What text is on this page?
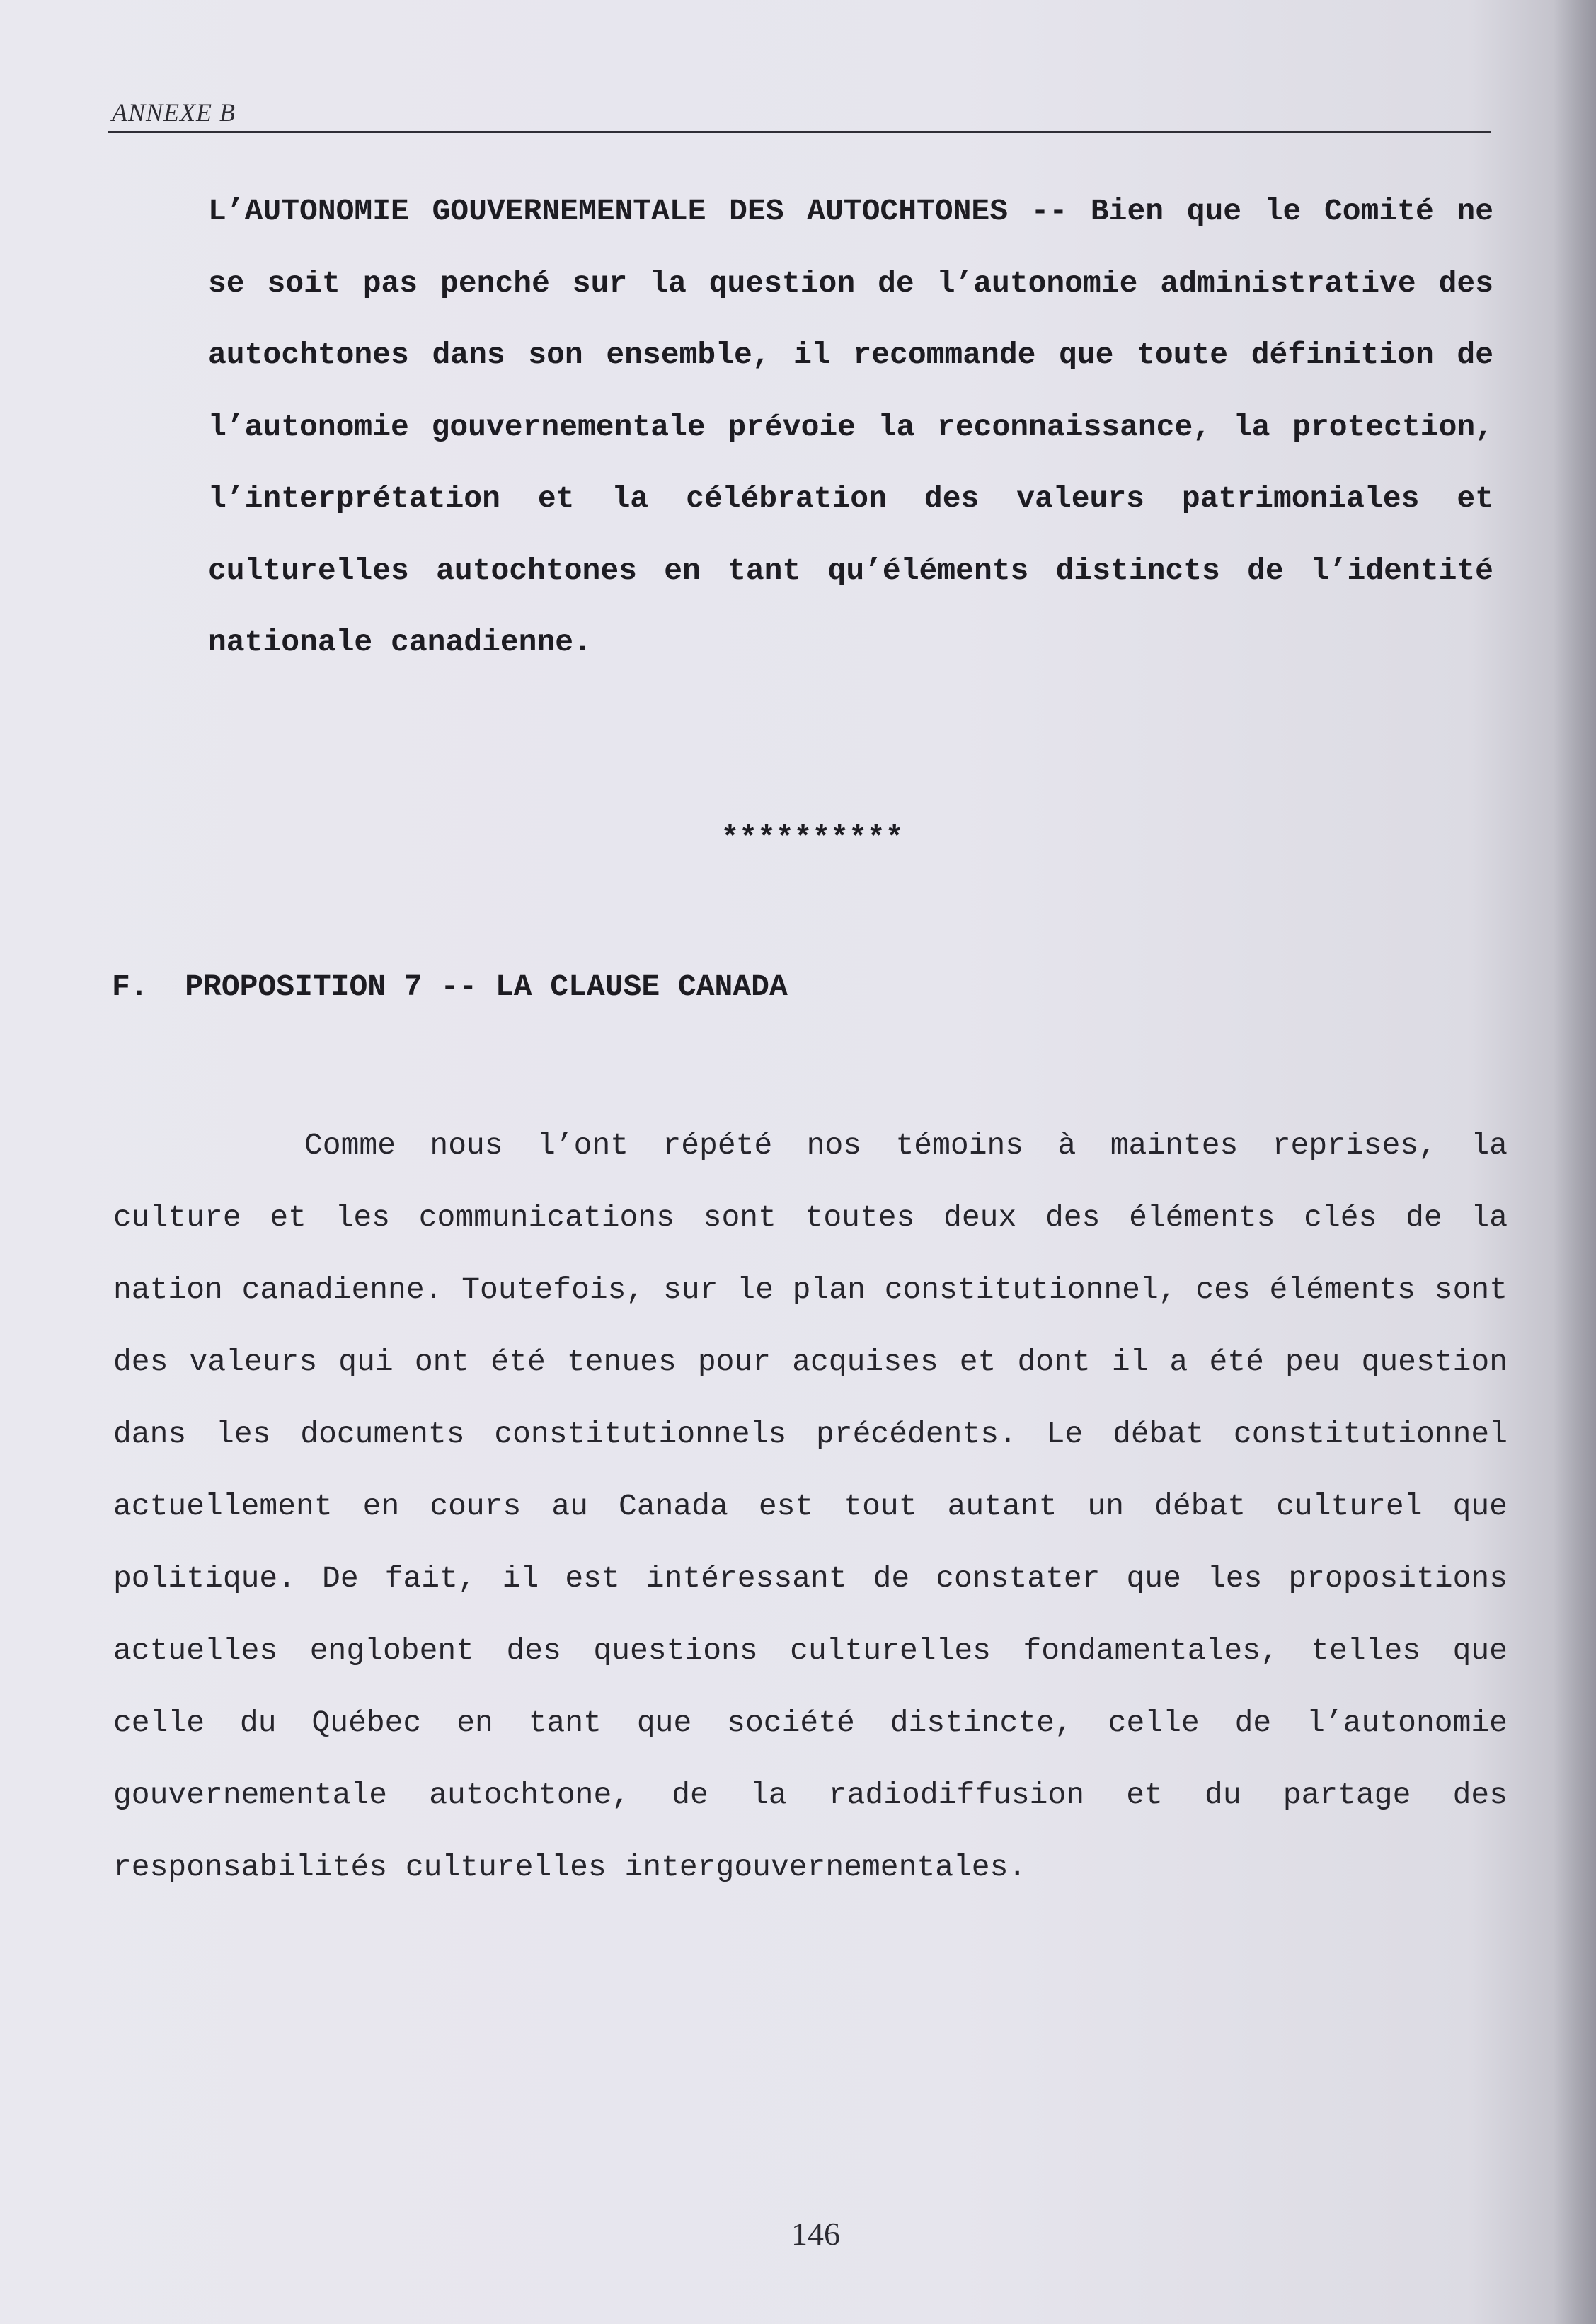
ANNEXE B

L’AUTONOMIE GOUVERNEMENTALE DES AUTOCHTONES -- Bien que le Comité ne se soit pas penché sur la question de l’autonomie administrative des autochtones dans son ensemble, il recommande que toute définition de l’autonomie gouvernementale prévoie la reconnaissance, la protection, l’interprétation et la célébration des valeurs patrimoniales et culturelles autochtones en tant qu’éléments distincts de l’identité nationale canadienne.

**********
F.  PROPOSITION 7 -- LA CLAUSE CANADA

Comme nous l’ont répété nos témoins à maintes reprises, la culture et les communications sont toutes deux des éléments clés de la nation canadienne. Toutefois, sur le plan constitutionnel, ces éléments sont des valeurs qui ont été tenues pour acquises et dont il a été peu question dans les documents constitutionnels précédents. Le débat constitutionnel actuellement en cours au Canada est tout autant un débat culturel que politique. De fait, il est intéressant de constater que les propositions actuelles englobent des questions culturelles fondamentales, telles que celle du Québec en tant que société distincte, celle de l’autonomie gouvernementale autochtone, de la radiodiffusion et du partage des responsabilités culturelles intergouvernementales.

146
